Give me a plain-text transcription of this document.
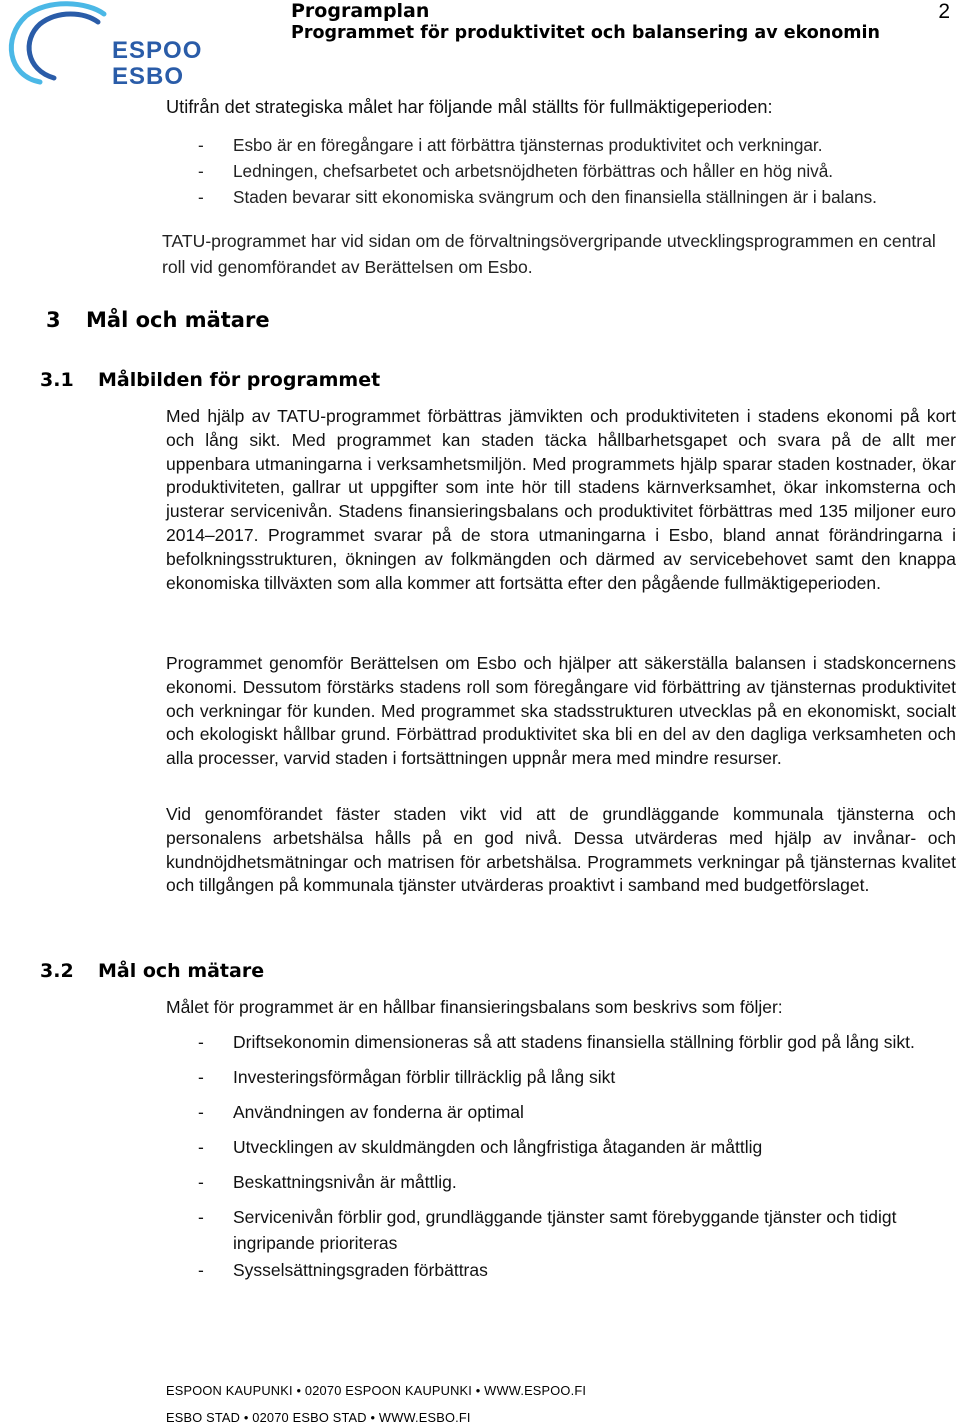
ESPOO
ESBO
Programplan
Programmet för produktivitet och balansering av ekonomin
2
Utifrån det strategiska målet har följande mål ställts för fullmäktigeperioden:
- Esbo är en föregångare i att förbättra tjänsternas produktivitet och verkningar.
- Ledningen, chefsarbetet och arbetsnöjdheten förbättras och håller en hög nivå.
- Staden bevarar sitt ekonomiska svängrum och den finansiella ställningen är i balans.
TATU-programmet har vid sidan om de förvaltningsövergripande utvecklingsprogrammen en central roll vid genomförandet av Berättelsen om Esbo.
3 Mål och mätare
3.1 Målbilden för programmet
Med hjälp av TATU-programmet förbättras jämvikten och produktiviteten i stadens ekonomi på kort och lång sikt. Med programmet kan staden täcka hållbarhetsgapet och svara på de allt mer uppenbara utmaningarna i verksamhetsmiljön. Med programmets hjälp sparar staden kostnader, ökar produktiviteten, gallrar ut uppgifter som inte hör till stadens kärnverksamhet, ökar inkomsterna och justerar servicenivån. Stadens finansieringsbalans och produktivitet förbättras med 135 miljoner euro 2014–2017. Programmet svarar på de stora utmaningarna i Esbo, bland annat förändringarna i befolkningsstrukturen, ökningen av folkmängden och därmed av servicebehovet samt den knappa ekonomiska tillväxten som alla kommer att fortsätta efter den pågående fullmäktigeperioden.
Programmet genomför Berättelsen om Esbo och hjälper att säkerställa balansen i stadskoncernens ekonomi. Dessutom förstärks stadens roll som föregångare vid förbättring av tjänsternas produktivitet och verkningar för kunden. Med programmet ska stadsstrukturen utvecklas på en ekonomiskt, socialt och ekologiskt hållbar grund. Förbättrad produktivitet ska bli en del av den dagliga verksamheten och alla processer, varvid staden i fortsättningen uppnår mera med mindre resurser.
Vid genomförandet fäster staden vikt vid att de grundläggande kommunala tjänsterna och personalens arbetshälsa hålls på en god nivå. Dessa utvärderas med hjälp av invånar- och kundnöjdhetsmätningar och matrisen för arbetshälsa. Programmets verkningar på tjänsternas kvalitet och tillgången på kommunala tjänster utvärderas proaktivt i samband med budgetförslaget.
3.2 Mål och mätare
Målet för programmet är en hållbar finansieringsbalans som beskrivs som följer:
- Driftsekonomin dimensioneras så att stadens finansiella ställning förblir god på lång sikt.
- Investeringsförmågan förblir tillräcklig på lång sikt
- Användningen av fonderna är optimal
- Utvecklingen av skuldmängden och långfristiga åtaganden är måttlig
- Beskattningsnivån är måttlig.
- Servicenivån förblir god, grundläggande tjänster samt förebyggande tjänster och tidigt ingripande prioriteras
- Sysselsättningsgraden förbättras
ESPOON KAUPUNKI • 02070 ESPOON KAUPUNKI • WWW.ESPOO.FI
ESBO STAD • 02070 ESBO STAD • WWW.ESBO.FI
